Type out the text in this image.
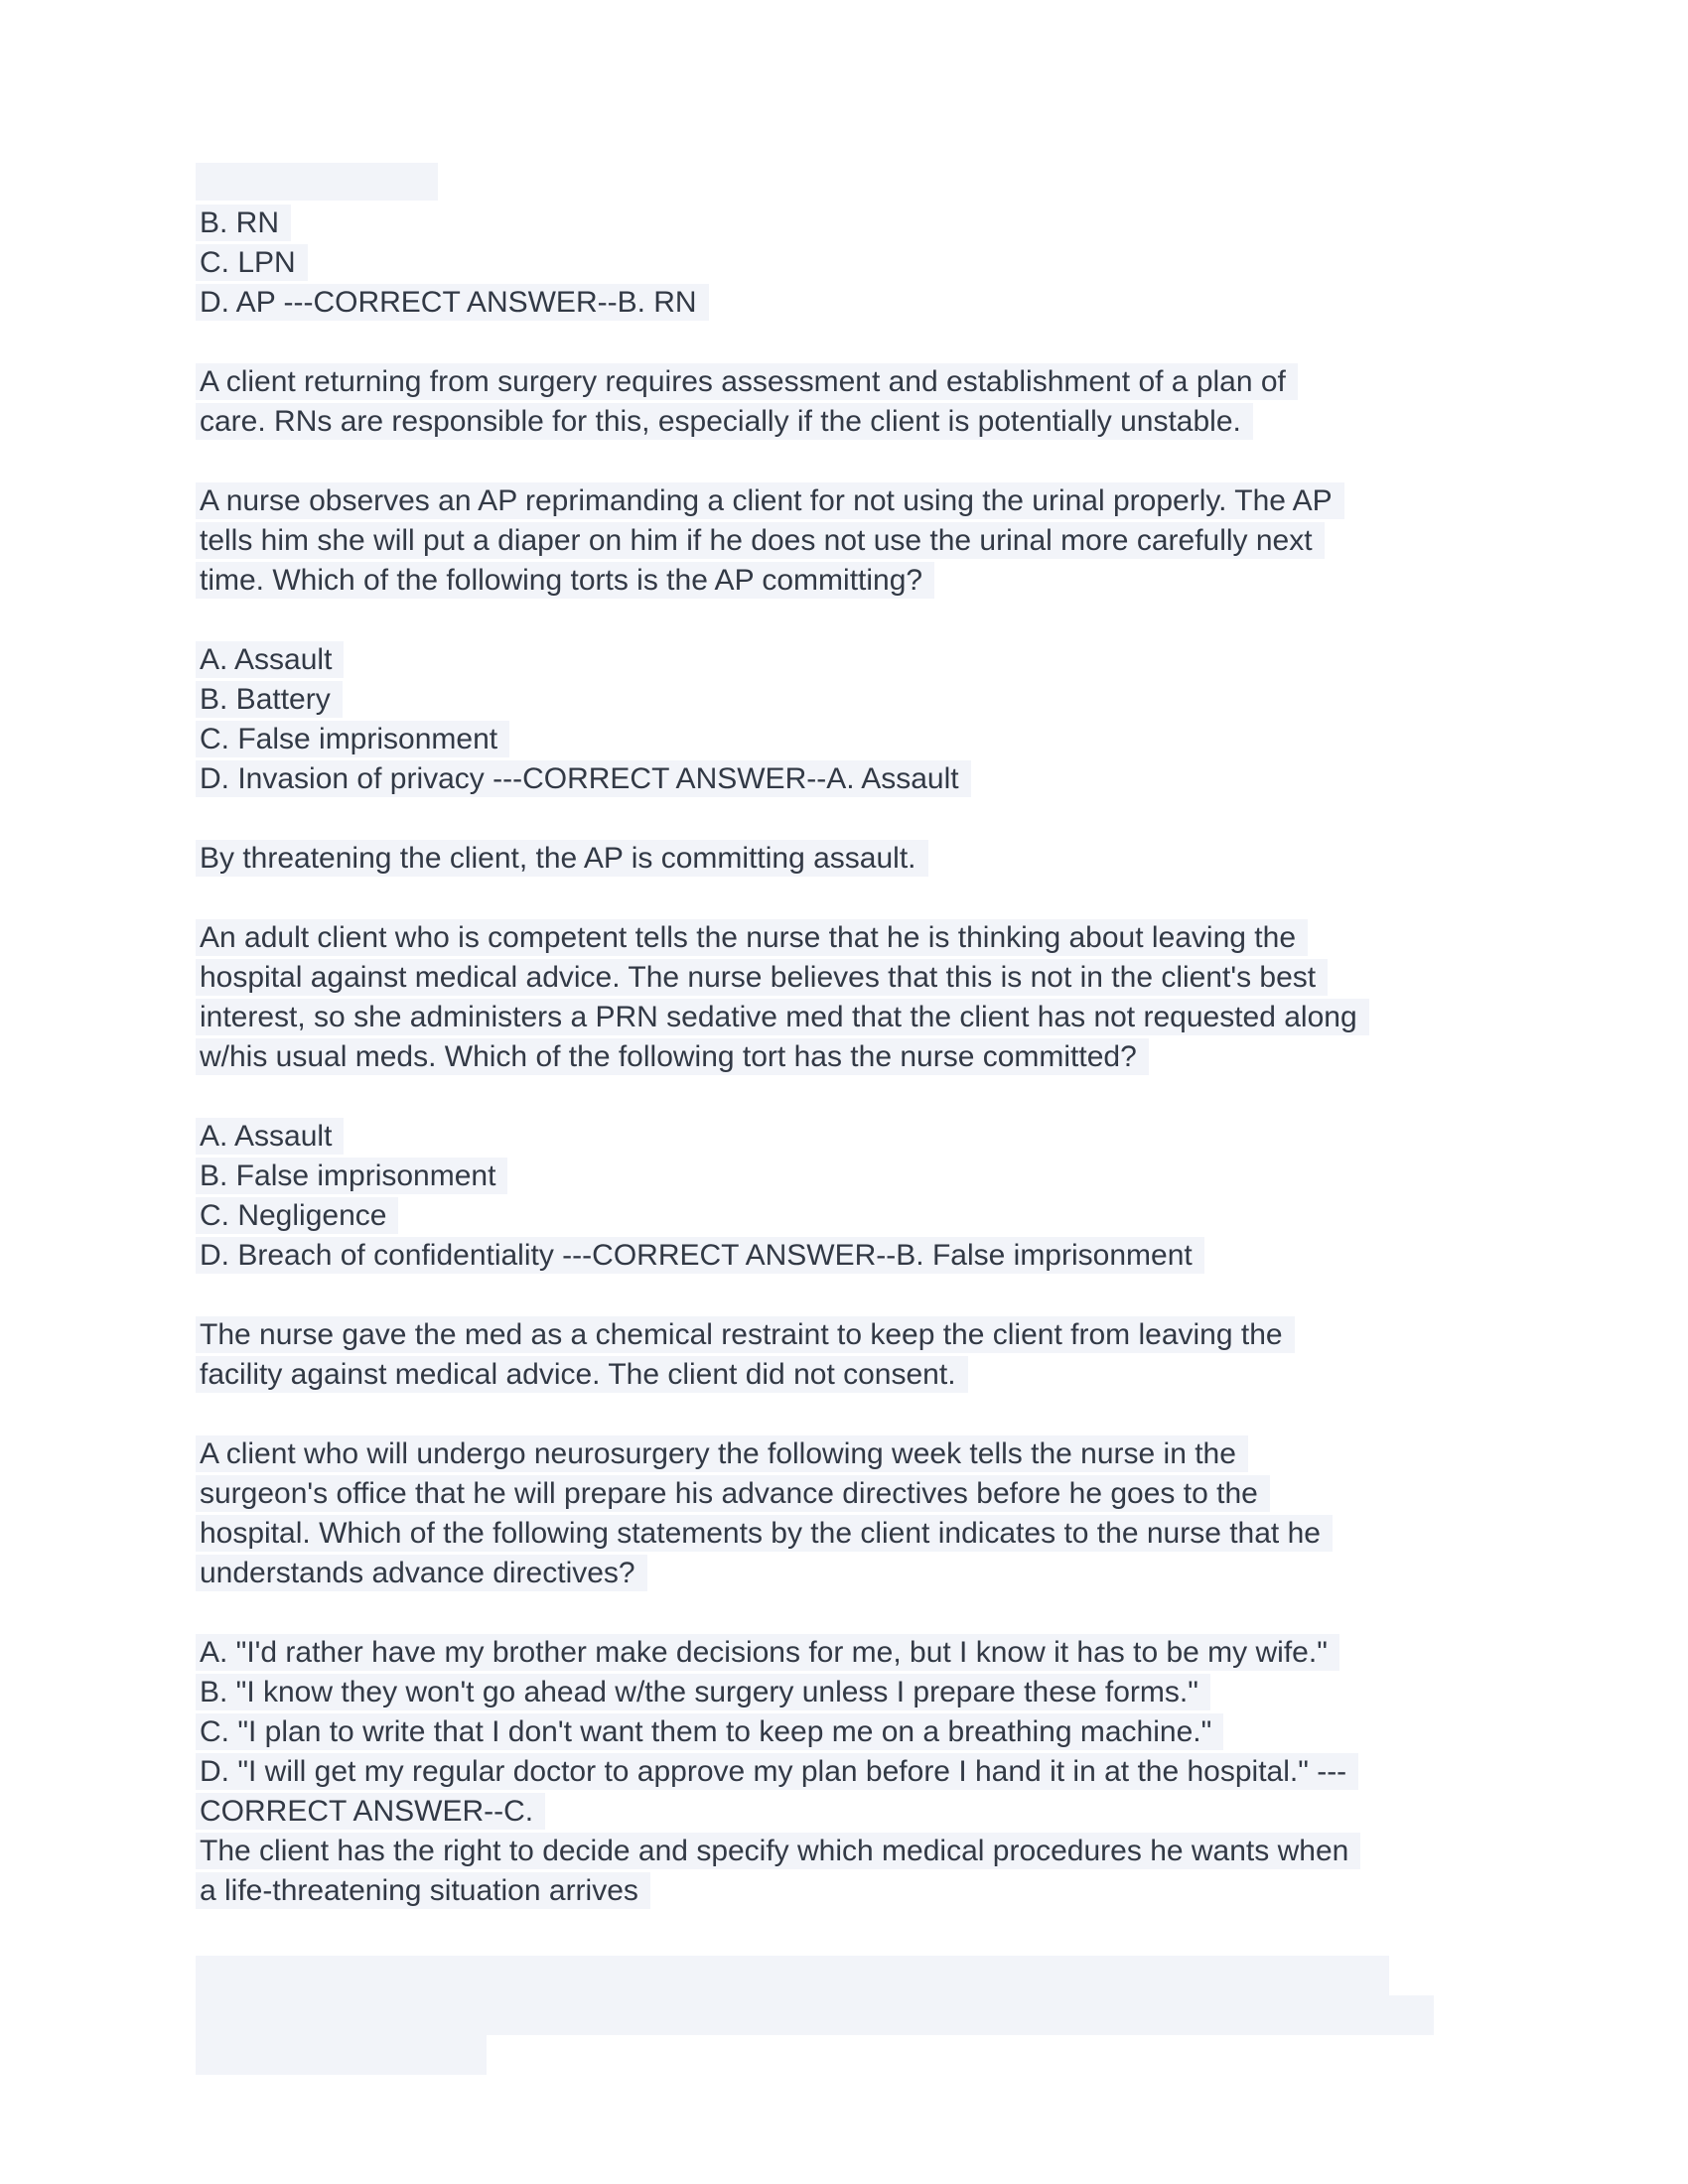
B. RN
C. LPN
D. AP ---CORRECT ANSWER--B. RN
A client returning from surgery requires assessment and establishment of a plan of
care. RNs are responsible for this, especially if the client is potentially unstable.
A nurse observes an AP reprimanding a client for not using the urinal properly. The AP
tells him she will put a diaper on him if he does not use the urinal more carefully next
time. Which of the following torts is the AP committing?
A. Assault
B. Battery
C. False imprisonment
D. Invasion of privacy ---CORRECT ANSWER--A. Assault
By threatening the client, the AP is committing assault.
An adult client who is competent tells the nurse that he is thinking about leaving the
hospital against medical advice. The nurse believes that this is not in the client's best
interest, so she administers a PRN sedative med that the client has not requested along
w/his usual meds. Which of the following tort has the nurse committed?
A. Assault
B. False imprisonment
C. Negligence
D. Breach of confidentiality ---CORRECT ANSWER--B. False imprisonment
The nurse gave the med as a chemical restraint to keep the client from leaving the
facility against medical advice. The client did not consent.
A client who will undergo neurosurgery the following week tells the nurse in the
surgeon's office that he will prepare his advance directives before he goes to the
hospital. Which of the following statements by the client indicates to the nurse that he
understands advance directives?
A. "I'd rather have my brother make decisions for me, but I know it has to be my wife."
B. "I know they won't go ahead w/the surgery unless I prepare these forms."
C. "I plan to write that I don't want them to keep me on a breathing machine."
D. "I will get my regular doctor to approve my plan before I hand it in at the hospital." ---
CORRECT ANSWER--C.
The client has the right to decide and specify which medical procedures he wants when
a life-threatening situation arrives
